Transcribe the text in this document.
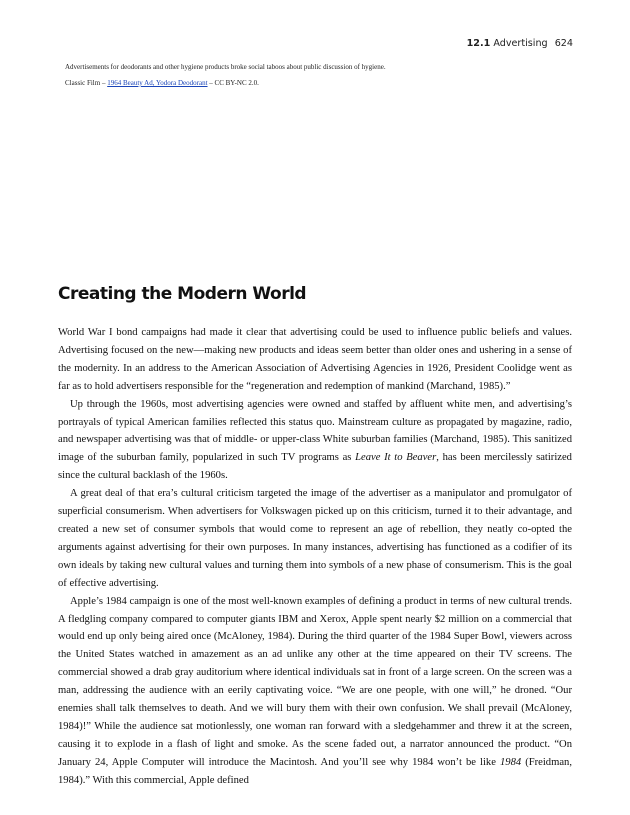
12.1 Advertising 624
Advertisements for deodorants and other hygiene products broke social taboos about public discussion of hygiene.
Classic Film – 1964 Beauty Ad, Yodora Deodorant – CC BY-NC 2.0.
Creating the Modern World

World War I bond campaigns had made it clear that advertising could be used to influence public beliefs and values. Advertising focused on the new—making new products and ideas seem better than older ones and ushering in a sense of the modernity. In an address to the American Association of Advertising Agencies in 1926, President Coolidge went as far as to hold advertisers responsible for the “regeneration and redemption of mankind (Marchand, 1985).”

Up through the 1960s, most advertising agencies were owned and staffed by affluent white men, and advertising’s portrayals of typical American families reflected this status quo. Mainstream culture as propagated by magazine, radio, and newspaper advertising was that of middle- or upper-class White suburban families (Marchand, 1985). This sanitized image of the suburban family, popularized in such TV programs as Leave It to Beaver, has been mercilessly satirized since the cultural backlash of the 1960s.

A great deal of that era’s cultural criticism targeted the image of the advertiser as a manipulator and promulgator of superficial consumerism. When advertisers for Volkswagen picked up on this criticism, turned it to their advantage, and created a new set of consumer symbols that would come to represent an age of rebellion, they neatly co-opted the arguments against advertising for their own purposes. In many instances, advertising has functioned as a codifier of its own ideals by taking new cultural values and turning them into symbols of a new phase of consumerism. This is the goal of effective advertising.

Apple’s 1984 campaign is one of the most well-known examples of defining a product in terms of new cultural trends. A fledgling company compared to computer giants IBM and Xerox, Apple spent nearly $2 million on a commercial that would end up only being aired once (McAloney, 1984). During the third quarter of the 1984 Super Bowl, viewers across the United States watched in amazement as an ad unlike any other at the time appeared on their TV screens. The commercial showed a drab gray auditorium where identical individuals sat in front of a large screen. On the screen was a man, addressing the audience with an eerily captivating voice. “We are one people, with one will,” he droned. “Our enemies shall talk themselves to death. And we will bury them with their own confusion. We shall prevail (McAloney, 1984)!” While the audience sat motionlessly, one woman ran forward with a sledgehammer and threw it at the screen, causing it to explode in a flash of light and smoke. As the scene faded out, a narrator announced the product. “On January 24, Apple Computer will introduce the Macintosh. And you’ll see why 1984 won’t be like 1984 (Freidman, 1984).” With this commercial, Apple defined
